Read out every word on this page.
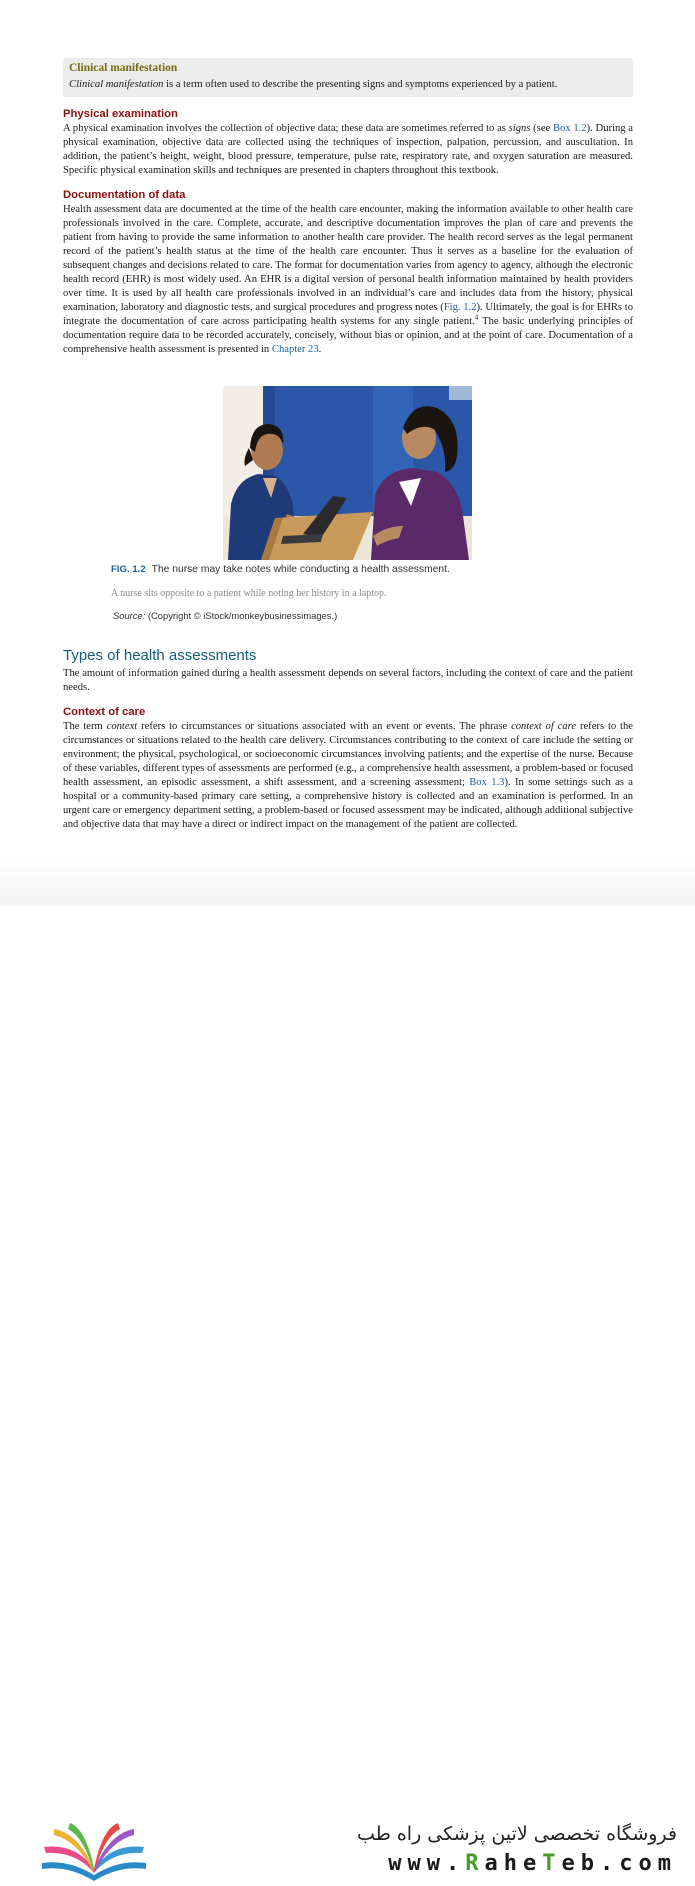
Clinical manifestation
Clinical manifestation is a term often used to describe the presenting signs and symptoms experienced by a patient.
Physical examination

A physical examination involves the collection of objective data; these data are sometimes referred to as signs (see Box 1.2). During a physical examination, objective data are collected using the techniques of inspection, palpation, percussion, and auscultation. In addition, the patient’s height, weight, blood pressure, temperature, pulse rate, respiratory rate, and oxygen saturation are measured. Specific physical examination skills and techniques are presented in chapters throughout this textbook.

Documentation of data

Health assessment data are documented at the time of the health care encounter, making the information available to other health care professionals involved in the care. Complete, accurate, and descriptive documentation improves the plan of care and prevents the patient from having to provide the same information to another health care provider. The health record serves as the legal permanent record of the patient’s health status at the time of the health care encounter. Thus it serves as a baseline for the evaluation of subsequent changes and decisions related to care. The format for documentation varies from agency to agency, although the electronic health record (EHR) is most widely used. An EHR is a digital version of personal health information maintained by health providers over time. It is used by all health care professionals involved in an individual’s care and includes data from the history, physical examination, laboratory and diagnostic tests, and surgical procedures and progress notes (Fig. 1.2). Ultimately, the goal is for EHRs to integrate the documentation of care across participating health systems for any single patient.$^4$ The basic underlying principles of documentation require data to be recorded accurately, concisely, without bias or opinion, and at the point of care. Documentation of a comprehensive health assessment is presented in Chapter 23.

FIG. 1.2 The nurse may take notes while conducting a health assessment.
A nurse sits opposite to a patient while noting her history in a laptop.
Source: (Copyright © iStock/monkeybusinessimages.)
Types of health assessments

The amount of information gained during a health assessment depends on several factors, including the context of care and the patient needs.

Context of care

The term context refers to circumstances or situations associated with an event or events. The phrase context of care refers to the circumstances or situations related to the health care delivery. Circumstances contributing to the context of care include the setting or environment; the physical, psychological, or socioeconomic circumstances involving patients; and the expertise of the nurse. Because of these variables, different types of assessments are performed (e.g., a comprehensive health assessment, a problem-based or focused health assessment, an episodic assessment, a shift assessment, and a screening assessment; Box 1.3). In some settings such as a hospital or a community-based primary care setting, a comprehensive history is collected and an examination is performed. In an urgent care or emergency department setting, a problem-based or focused assessment may be indicated, although additional subjective and objective data that may have a direct or indirect impact on the management of the patient are collected.

فروشگاه تخصصی لاتین پزشکی راه طب
www.RaheTeb.com
